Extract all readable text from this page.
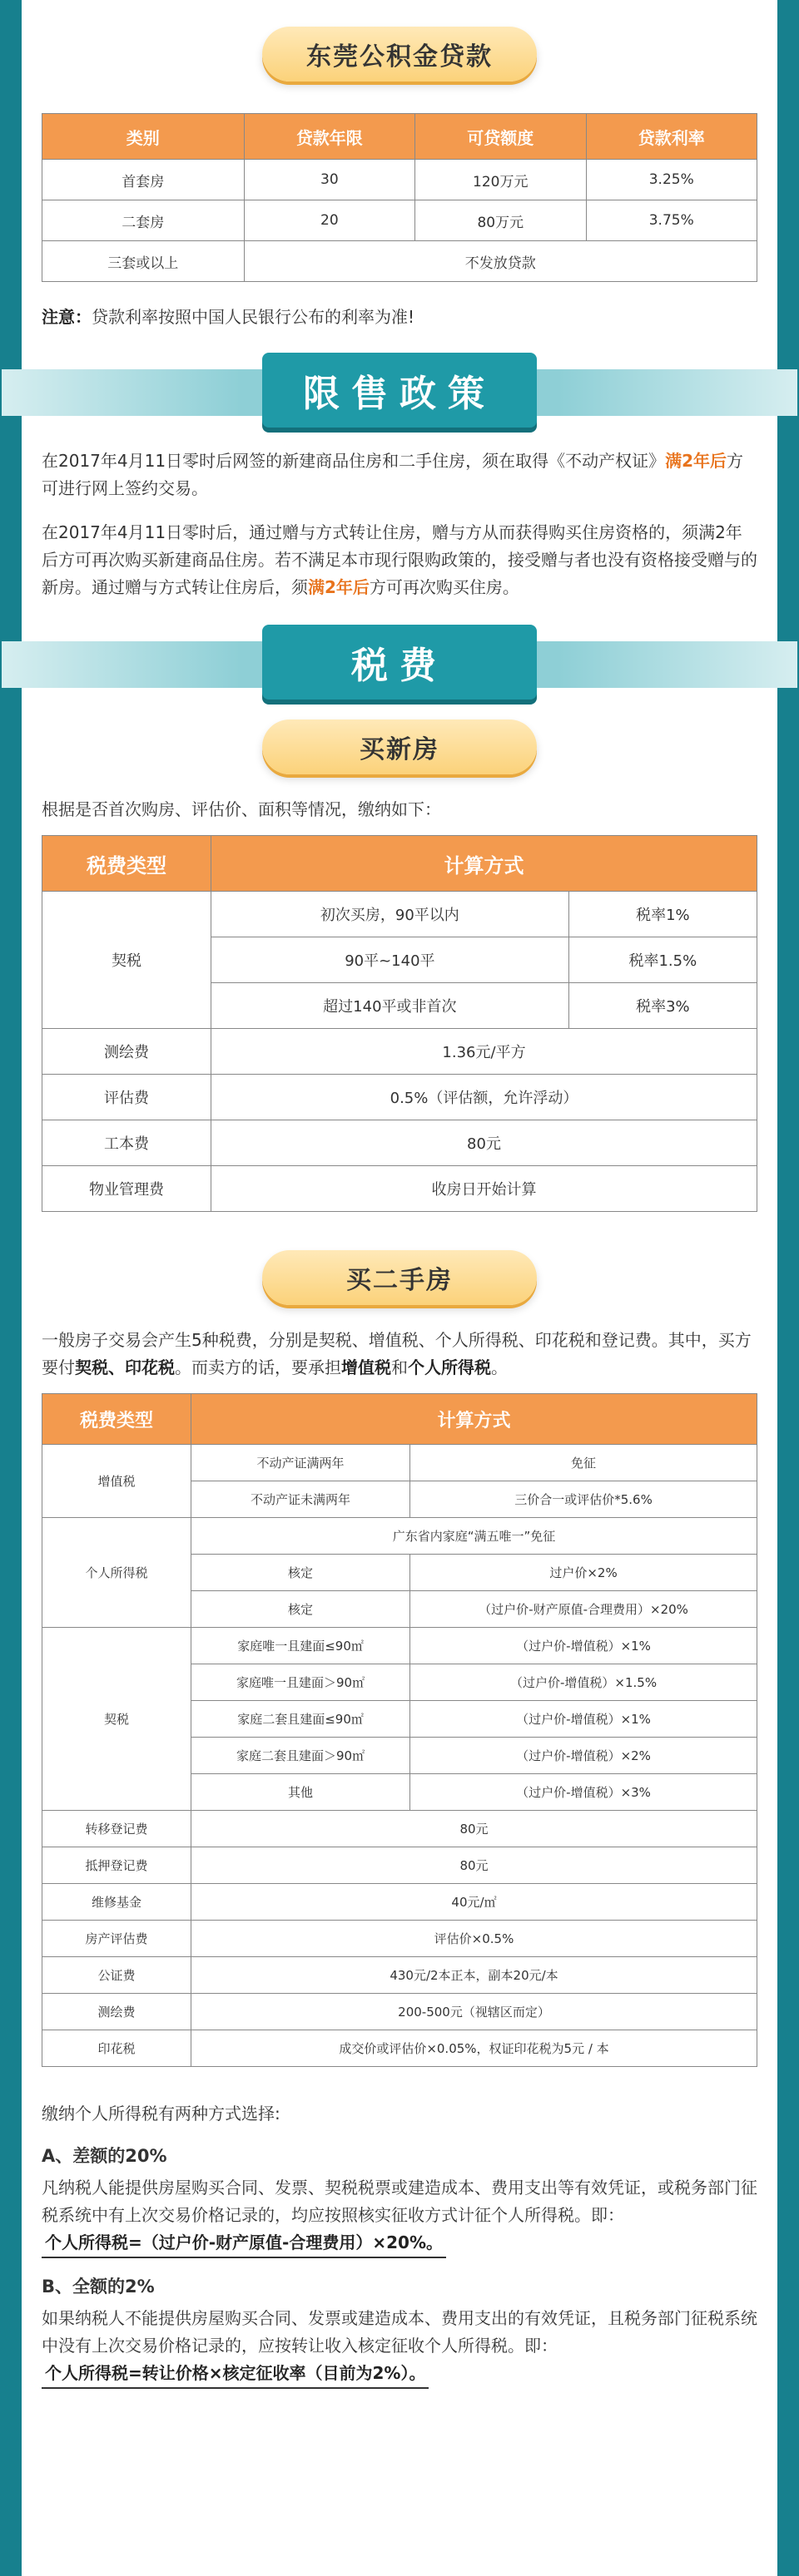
东莞公积金贷款
类别	贷款年限	可贷额度	贷款利率
首套房	30	120万元	3.25%
二套房	20	80万元	3.75%
三套或以上	不发放贷款		

注意：贷款利率按照中国人民银行公布的利率为准!

限售政策

在2017年4月11日零时后网签的新建商品住房和二手住房，须在取得《不动产权证》满2年后方可进行网上签约交易。

在2017年4月11日零时后，通过赠与方式转让住房，赠与方从而获得购买住房资格的，须满2年后方可再次购买新建商品住房。若不满足本市现行限购政策的，接受赠与者也没有资格接受赠与的新房。通过赠与方式转让住房后，须满2年后方可再次购买住房。

税费
买新房

根据是否首次购房、评估价、面积等情况，缴纳如下：

税费类型	计算方式	
契税	初次买房，90平以内	税率1%
	90平~140平	税率1.5%
	超过140平或非首次	税率3%
测绘费	1.36元/平方	
评估费	0.5%（评估额，允许浮动）	
工本费	80元	
物业管理费	收房日开始计算	
买二手房

一般房子交易会产生5种税费，分别是契税、增值税、个人所得税、印花税和登记费。其中，买方要付契税、印花税。而卖方的话，要承担增值税和个人所得税。

税费类型	计算方式	
增值税	不动产证满两年	免征
	不动产证未满两年	三价合一或评估价*5.6%
个人所得税	广东省内家庭“满五唯一”免征	
	核定	过户价×2%
	核定	（过户价-财产原值-合理费用）×20%
契税	家庭唯一且建面≤90㎡	（过户价-增值税）×1%
	家庭唯一且建面＞90㎡	（过户价-增值税）×1.5%
	家庭二套且建面≤90㎡	（过户价-增值税）×1%
	家庭二套且建面＞90㎡	（过户价-增值税）×2%
	其他	（过户价-增值税）×3%
转移登记费	80元	
抵押登记费	80元	
维修基金	40元/㎡	
房产评估费	评估价×0.5%	
公证费	430元/2本正本，副本20元/本	
测绘费	200-500元（视辖区而定）	
印花税	成交价或评估价×0.05%，权证印花税为5元 / 本	

缴纳个人所得税有两种方式选择:

A、差额的20%

凡纳税人能提供房屋购买合同、发票、契税税票或建造成本、费用支出等有效凭证，或税务部门征税系统中有上次交易价格记录的，均应按照核实征收方式计征个人所得税。即：个人所得税=（过户价-财产原值-合理费用）×20%。

B、全额的2%

如果纳税人不能提供房屋购买合同、发票或建造成本、费用支出的有效凭证，且税务部门征税系统中没有上次交易价格记录的，应按转让收入核定征收个人所得税。即：个人所得税=转让价格×核定征收率（目前为2%）。
